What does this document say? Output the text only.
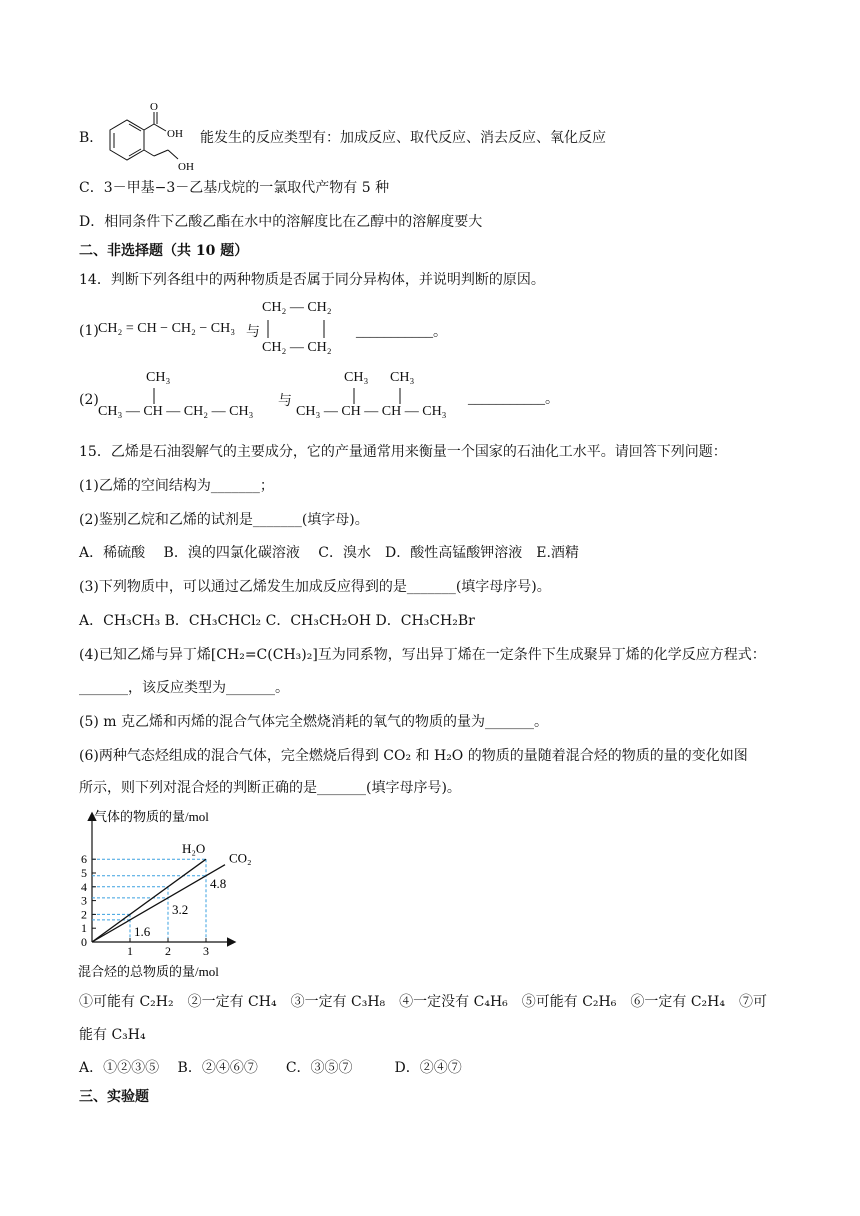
B．
O
OH
OH
能发生的反应类型有：加成反应、取代反应、消去反应、氧化反应
C．3－甲基−3－乙基戊烷的一氯取代产物有 5 种
D．相同条件下乙酸乙酯在水中的溶解度比在乙醇中的溶解度要大
二、非选择题（共 10 题）
14．判断下列各组中的两种物质是否属于同分异构体，并说明判断的原因。
(1) CH₂ = CH − CH₂ − CH₃ 与
CH₂ — CH₂
CH₂ — CH₂
___________。
(2)
CH₃
CH₃ — CH — CH₂ — CH₃
与
CH₃ CH₃
CH₃ — CH — CH — CH₃
___________。
15．乙烯是石油裂解气的主要成分，它的产量通常用来衡量一个国家的石油化工水平。请回答下列问题：
(1)乙烯的空间结构为_______；
(2)鉴别乙烷和乙烯的试剂是_______(填字母)。
A．稀硫酸　 B．溴的四氯化碳溶液　 C．溴水　D．酸性高锰酸钾溶液　E.酒精
(3)下列物质中，可以通过乙烯发生加成反应得到的是_______(填字母序号)。
A．CH₃CH₃ B．CH₃CHCl₂ C．CH₃CH₂OH D．CH₃CH₂Br
(4)已知乙烯与异丁烯[CH₂=C(CH₃)₂]互为同系物，写出异丁烯在一定条件下生成聚异丁烯的化学反应方程式：
_______，该反应类型为_______。
(5) m 克乙烯和丙烯的混合气体完全燃烧消耗的氧气的物质的量为_______。
(6)两种气态烃组成的混合气体，完全燃烧后得到 CO₂ 和 H₂O 的物质的量随着混合烃的物质的量的变化如图
所示，则下列对混合烃的判断正确的是_______(填字母序号)。
气体的物质的量/mol
0
1
2
3
4
5
6
1	2	3
H₂O
CO₂
1.6
3.2
4.8
混合烃的总物质的量/mol
①可能有 C₂H₂　②一定有 CH₄　③一定有 C₃H₈　④一定没有 C₄H₆　⑤可能有 C₂H₆　⑥一定有 C₂H₄　⑦可
能有 C₃H₄
A．①②③⑤　 B．②④⑥⑦　　C．③⑤⑦　　　D．②④⑦
三、实验题
